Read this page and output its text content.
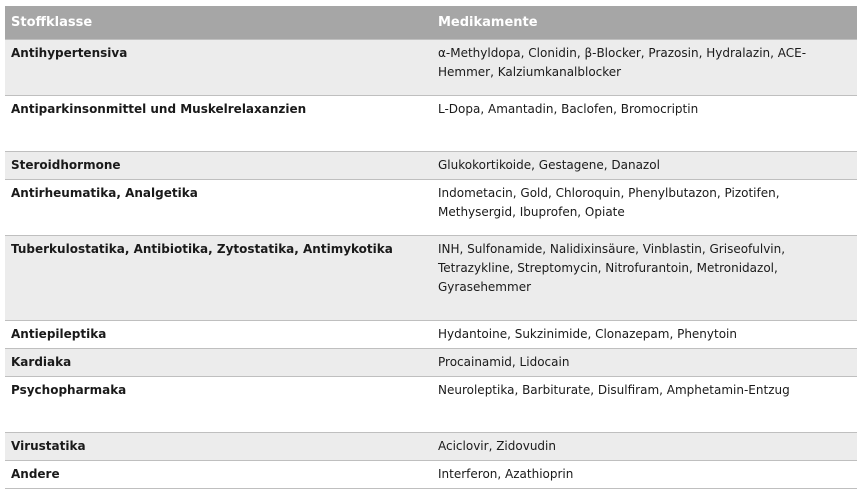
Stoffklasse	Medikamente
Antihypertensiva	α-Methyldopa, Clonidin, β-Blocker, Prazosin, Hydralazin, ACE-Hemmer, Kalziumkanalblocker
Antiparkinsonmittel und Muskelrelaxanzien	L-Dopa, Amantadin, Baclofen, Bromocriptin
Steroidhormone	Glukokortikoide, Gestagene, Danazol
Antirheumatika, Analgetika	Indometacin, Gold, Chloroquin, Phenylbutazon, Pizotifen, Methysergid, Ibuprofen, Opiate
Tuberkulostatika, Antibiotika, Zytostatika, Antimykotika	INH, Sulfonamide, Nalidixinsäure, Vinblastin, Griseofulvin, Tetrazykline, Streptomycin, Nitrofurantoin, Metronidazol, Gyrasehemmer
Antiepileptika	Hydantoine, Sukzinimide, Clonazepam, Phenytoin
Kardiaka	Procainamid, Lidocain
Psychopharmaka	Neuroleptika, Barbiturate, Disulfiram, Amphetamin-Entzug
Virustatika	Aciclovir, Zidovudin
Andere	Interferon, Azathioprin
